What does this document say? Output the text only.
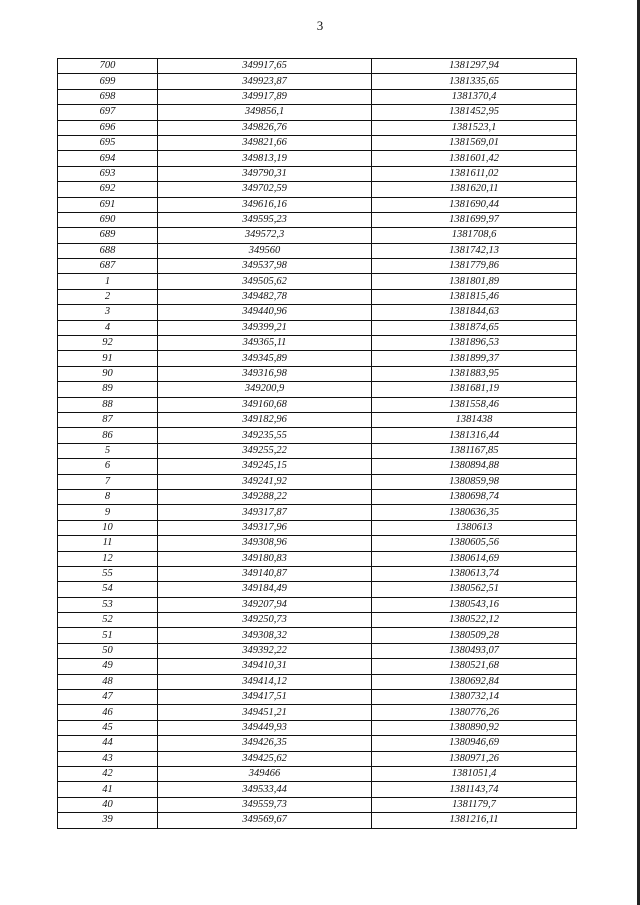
3
700	349917,65	1381297,94
699	349923,87	1381335,65
698	349917,89	1381370,4
697	349856,1	1381452,95
696	349826,76	1381523,1
695	349821,66	1381569,01
694	349813,19	1381601,42
693	349790,31	1381611,02
692	349702,59	1381620,11
691	349616,16	1381690,44
690	349595,23	1381699,97
689	349572,3	1381708,6
688	349560	1381742,13
687	349537,98	1381779,86
1	349505,62	1381801,89
2	349482,78	1381815,46
3	349440,96	1381844,63
4	349399,21	1381874,65
92	349365,11	1381896,53
91	349345,89	1381899,37
90	349316,98	1381883,95
89	349200,9	1381681,19
88	349160,68	1381558,46
87	349182,96	1381438
86	349235,55	1381316,44
5	349255,22	1381167,85
6	349245,15	1380894,88
7	349241,92	1380859,98
8	349288,22	1380698,74
9	349317,87	1380636,35
10	349317,96	1380613
11	349308,96	1380605,56
12	349180,83	1380614,69
55	349140,87	1380613,74
54	349184,49	1380562,51
53	349207,94	1380543,16
52	349250,73	1380522,12
51	349308,32	1380509,28
50	349392,22	1380493,07
49	349410,31	1380521,68
48	349414,12	1380692,84
47	349417,51	1380732,14
46	349451,21	1380776,26
45	349449,93	1380890,92
44	349426,35	1380946,69
43	349425,62	1380971,26
42	349466	1381051,4
41	349533,44	1381143,74
40	349559,73	1381179,7
39	349569,67	1381216,11
